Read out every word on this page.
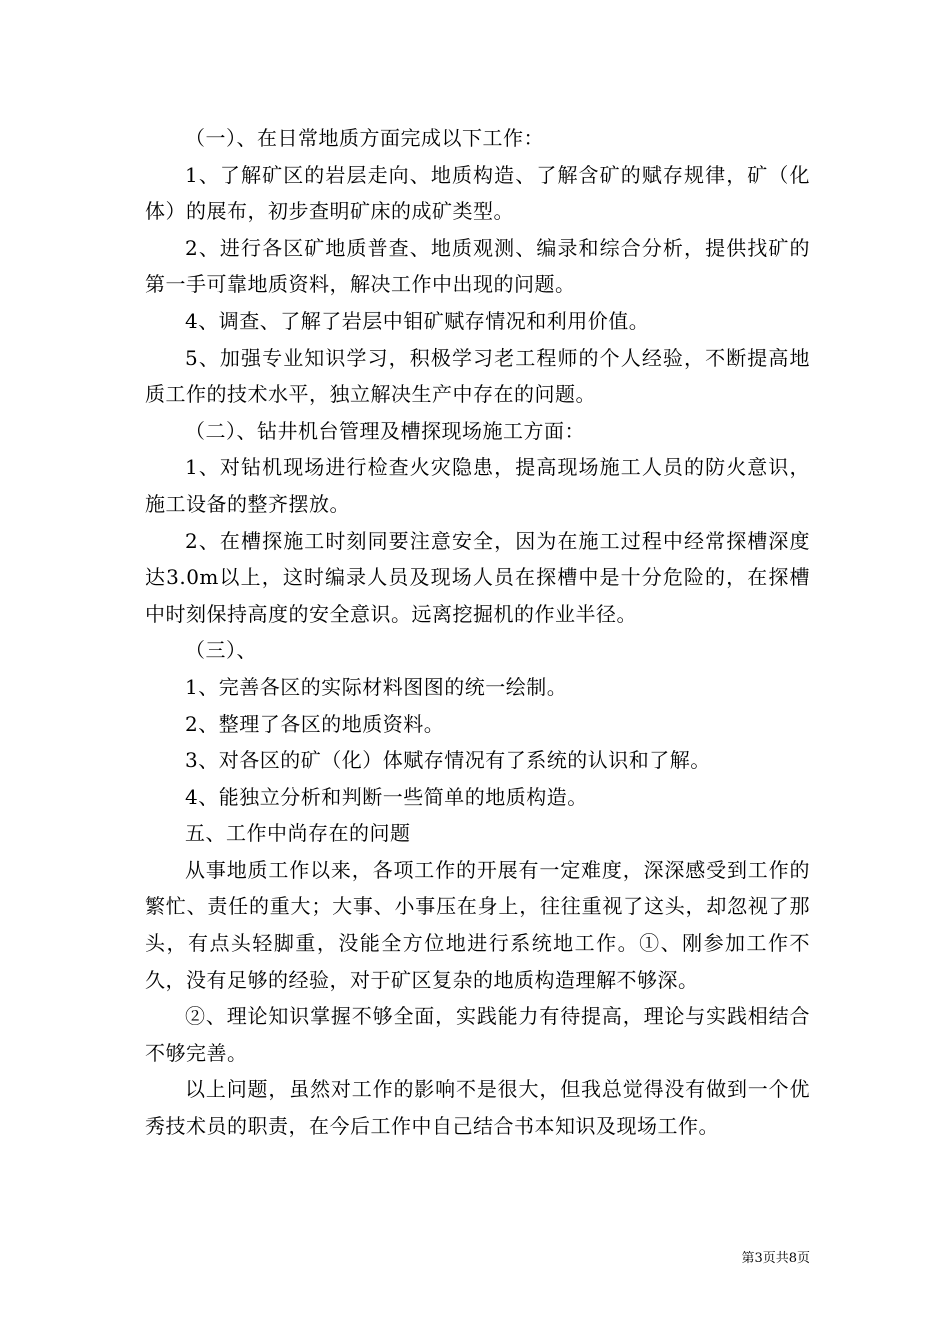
（一）、在日常地质方面完成以下工作：

1、了解矿区的岩层走向、地质构造、了解含矿的赋存规律，矿（化体）的展布，初步查明矿床的成矿类型。

2、进行各区矿地质普查、地质观测、编录和综合分析，提供找矿的第一手可靠地质资料，解决工作中出现的问题。

4、调查、了解了岩层中钼矿赋存情况和利用价值。

5、加强专业知识学习，积极学习老工程师的个人经验，不断提高地质工作的技术水平，独立解决生产中存在的问题。

（二）、钻井机台管理及槽探现场施工方面：

1、对钻机现场进行检查火灾隐患，提高现场施工人员的防火意识，施工设备的整齐摆放。

2、在槽探施工时刻同要注意安全，因为在施工过程中经常探槽深度达3.0m以上，这时编录人员及现场人员在探槽中是十分危险的，在探槽中时刻保持高度的安全意识。远离挖掘机的作业半径。

（三）、

1、完善各区的实际材料图图的统一绘制。

2、整理了各区的地质资料。

3、对各区的矿（化）体赋存情况有了系统的认识和了解。

4、能独立分析和判断一些简单的地质构造。

五、工作中尚存在的问题

从事地质工作以来，各项工作的开展有一定难度，深深感受到工作的繁忙、责任的重大；大事、小事压在身上，往往重视了这头，却忽视了那头，有点头轻脚重，没能全方位地进行系统地工作。①、刚参加工作不久，没有足够的经验，对于矿区复杂的地质构造理解不够深。

②、理论知识掌握不够全面，实践能力有待提高，理论与实践相结合不够完善。

以上问题，虽然对工作的影响不是很大，但我总觉得没有做到一个优秀技术员的职责，在今后工作中自己结合书本知识及现场工作。

第3页共8页
